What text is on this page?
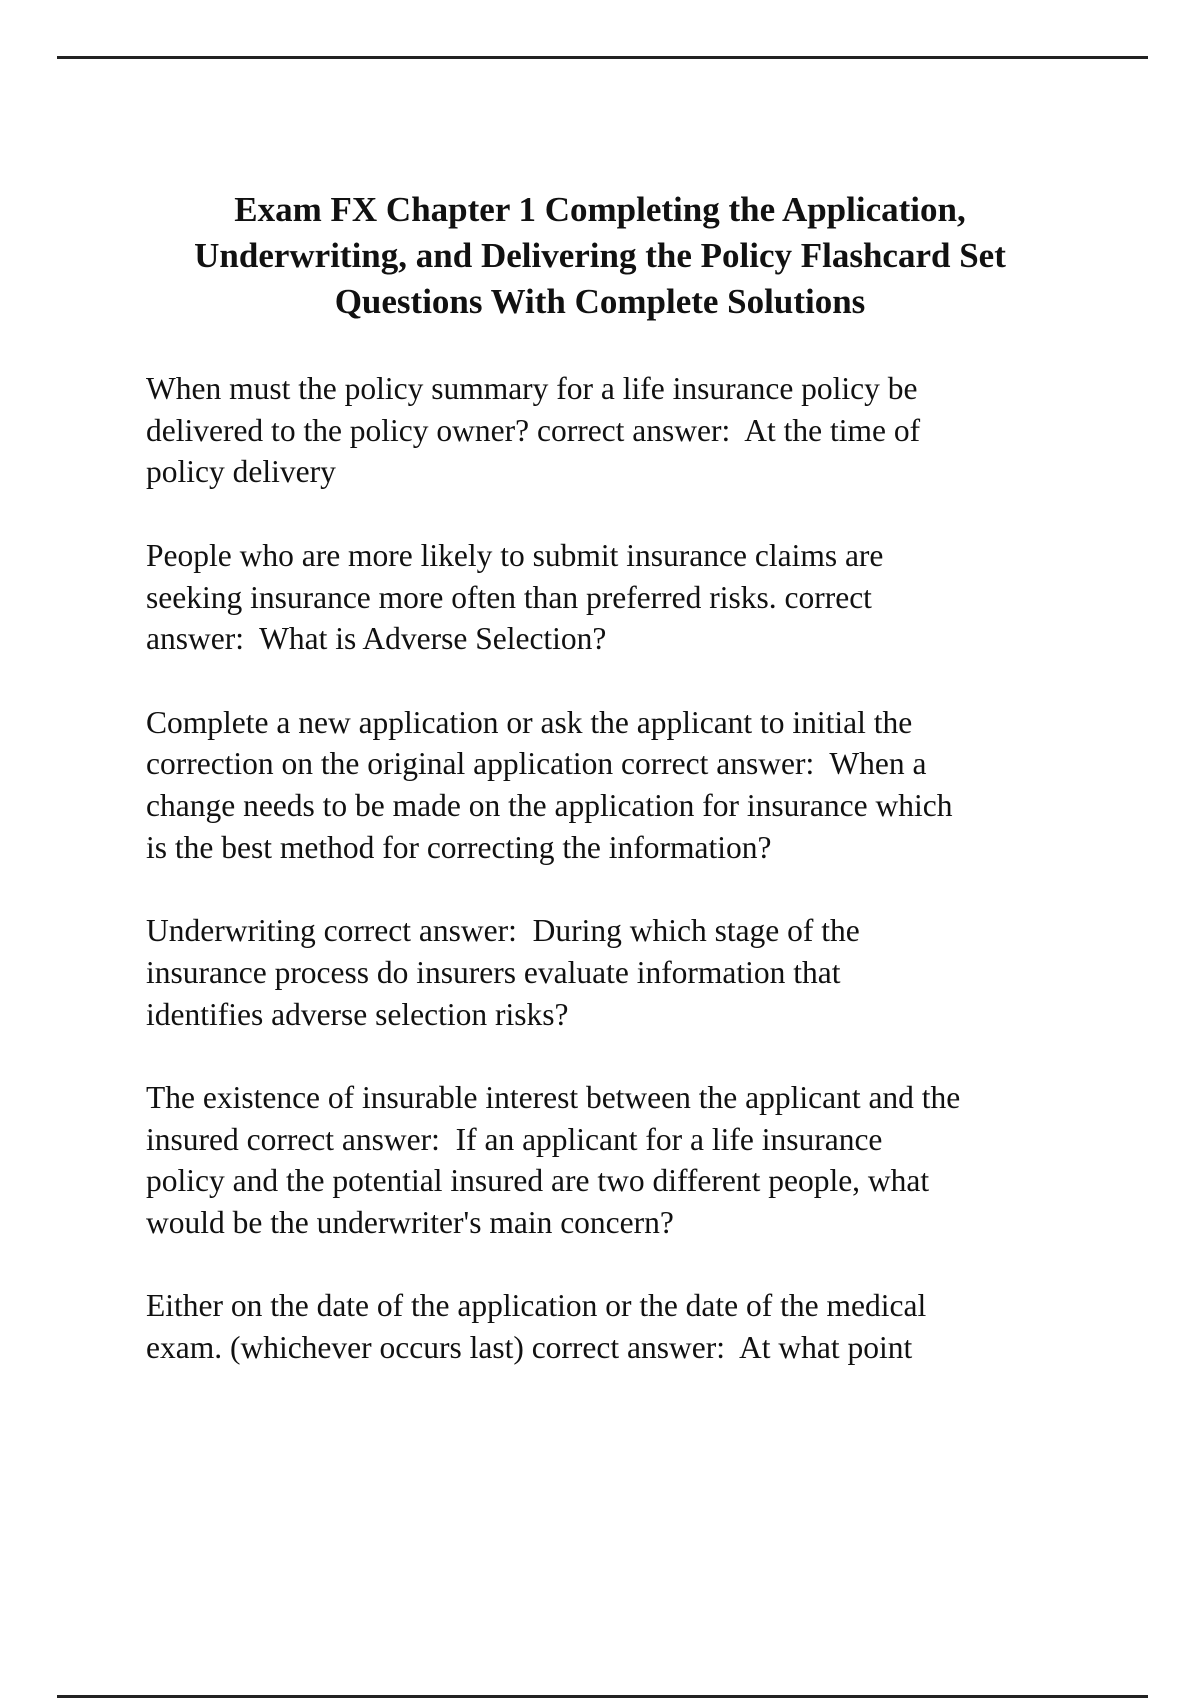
Exam FX Chapter 1 Completing the Application,
Underwriting, and Delivering the Policy Flashcard Set
Questions With Complete Solutions
When must the policy summary for a life insurance policy be
delivered to the policy owner? correct answer:  At the time of
policy delivery
People who are more likely to submit insurance claims are
seeking insurance more often than preferred risks. correct
answer:  What is Adverse Selection?
Complete a new application or ask the applicant to initial the
correction on the original application correct answer:  When a
change needs to be made on the application for insurance which
is the best method for correcting the information?
Underwriting correct answer:  During which stage of the
insurance process do insurers evaluate information that
identifies adverse selection risks?
The existence of insurable interest between the applicant and the
insured correct answer:  If an applicant for a life insurance
policy and the potential insured are two different people, what
would be the underwriter's main concern?
Either on the date of the application or the date of the medical
exam. (whichever occurs last) correct answer:  At what point
